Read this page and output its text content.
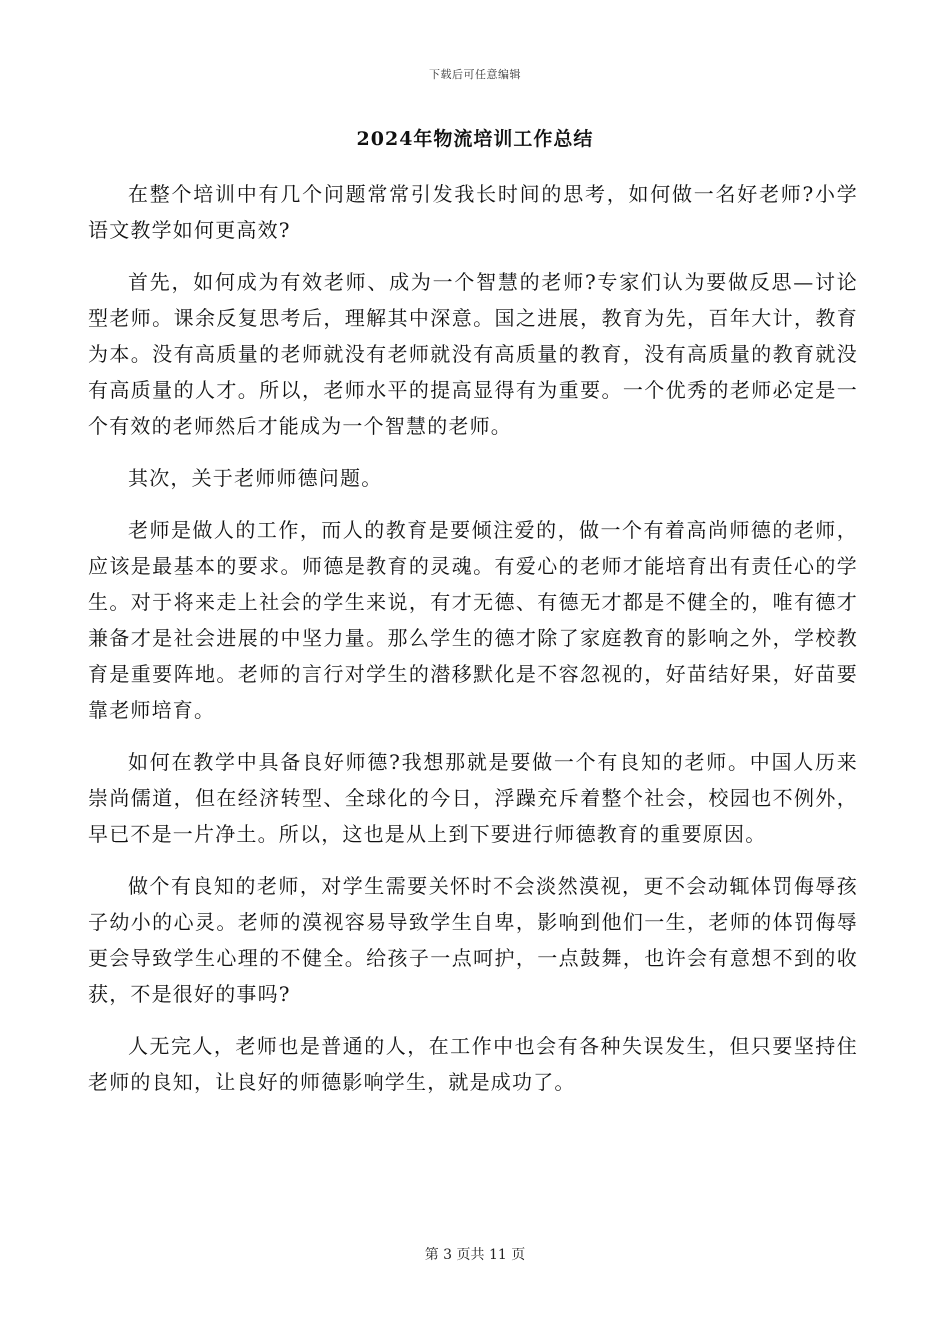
下载后可任意编辑
2024年物流培训工作总结

在整个培训中有几个问题常常引发我长时间的思考，如何做一名好老师?小学语文教学如何更高效?

首先，如何成为有效老师、成为一个智慧的老师?专家们认为要做反思—讨论型老师。课余反复思考后，理解其中深意。国之进展，教育为先，百年大计，教育为本。没有高质量的老师就没有老师就没有高质量的教育，没有高质量的教育就没有高质量的人才。所以，老师水平的提高显得有为重要。一个优秀的老师必定是一个有效的老师然后才能成为一个智慧的老师。

其次，关于老师师德问题。

老师是做人的工作，而人的教育是要倾注爱的，做一个有着高尚师德的老师，应该是最基本的要求。师德是教育的灵魂。有爱心的老师才能培育出有责任心的学生。对于将来走上社会的学生来说，有才无德、有德无才都是不健全的，唯有德才兼备才是社会进展的中坚力量。那么学生的德才除了家庭教育的影响之外，学校教育是重要阵地。老师的言行对学生的潜移默化是不容忽视的，好苗结好果，好苗要靠老师培育。

如何在教学中具备良好师德?我想那就是要做一个有良知的老师。中国人历来崇尚儒道，但在经济转型、全球化的今日，浮躁充斥着整个社会，校园也不例外，早已不是一片净土。所以，这也是从上到下要进行师德教育的重要原因。

做个有良知的老师，对学生需要关怀时不会淡然漠视，更不会动辄体罚侮辱孩子幼小的心灵。老师的漠视容易导致学生自卑，影响到他们一生，老师的体罚侮辱更会导致学生心理的不健全。给孩子一点呵护，一点鼓舞，也许会有意想不到的收获，不是很好的事吗?

人无完人，老师也是普通的人，在工作中也会有各种失误发生，但只要坚持住老师的良知，让良好的师德影响学生，就是成功了。

第 3 页共 11 页
